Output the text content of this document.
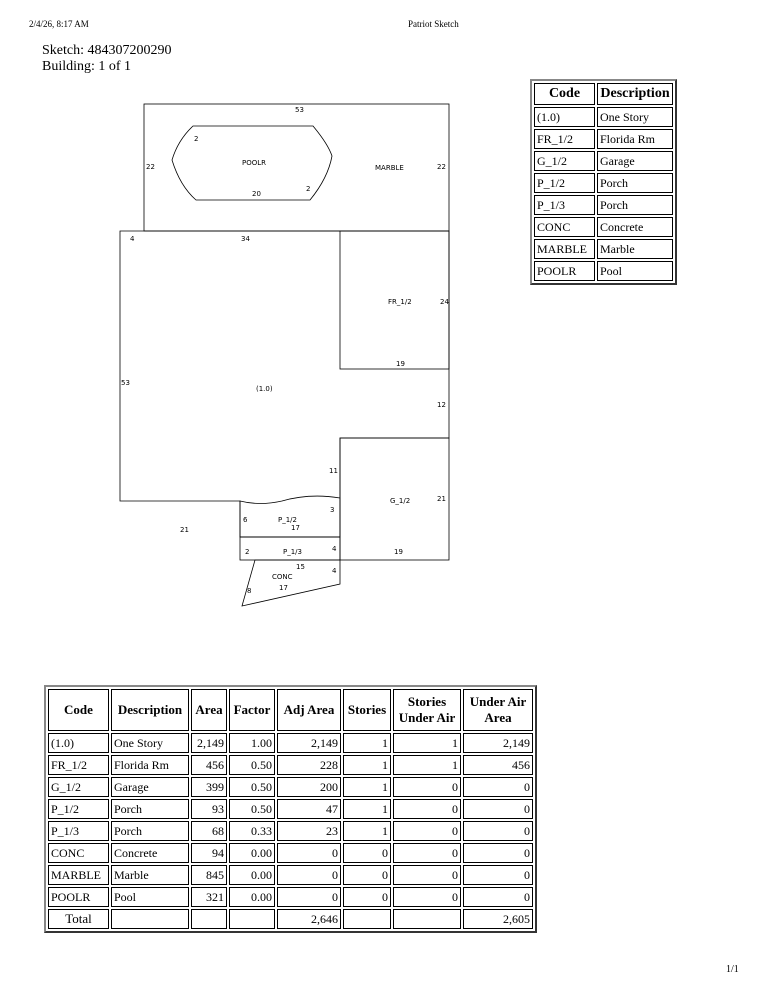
2/4/26, 8:17 AM	Patriot Sketch
Sketch: 484307200290
Building: 1 of 1
POOLR
MARBLE
FR_1/2
(1.0)
G_1/2
P_1/2
P_1/3
CONC
53
22	22
2
20
2
4	34
24
19
53
12
11
21
21
6
3
17
2
15
4	19
4
8	17
Code	Description
(1.0)	One Story
FR_1/2	Florida Rm
G_1/2	Garage
P_1/2	Porch
P_1/3	Porch
CONC	Concrete
MARBLE	Marble
POOLR	Pool
Code	Description	Area	Factor	Adj Area	Stories	Stories Under Air	Under Air Area
(1.0)	One Story	2,149	1.00	2,149	1	1	2,149
FR_1/2	Florida Rm	456	0.50	228	1	1	456
G_1/2	Garage	399	0.50	200	1	0	0
P_1/2	Porch	93	0.50	47	1	0	0
P_1/3	Porch	68	0.33	23	1	0	0
CONC	Concrete	94	0.00	0	0	0	0
MARBLE	Marble	845	0.00	0	0	0	0
POOLR	Pool	321	0.00	0	0	0	0
Total				2,646			2,605
1/1
